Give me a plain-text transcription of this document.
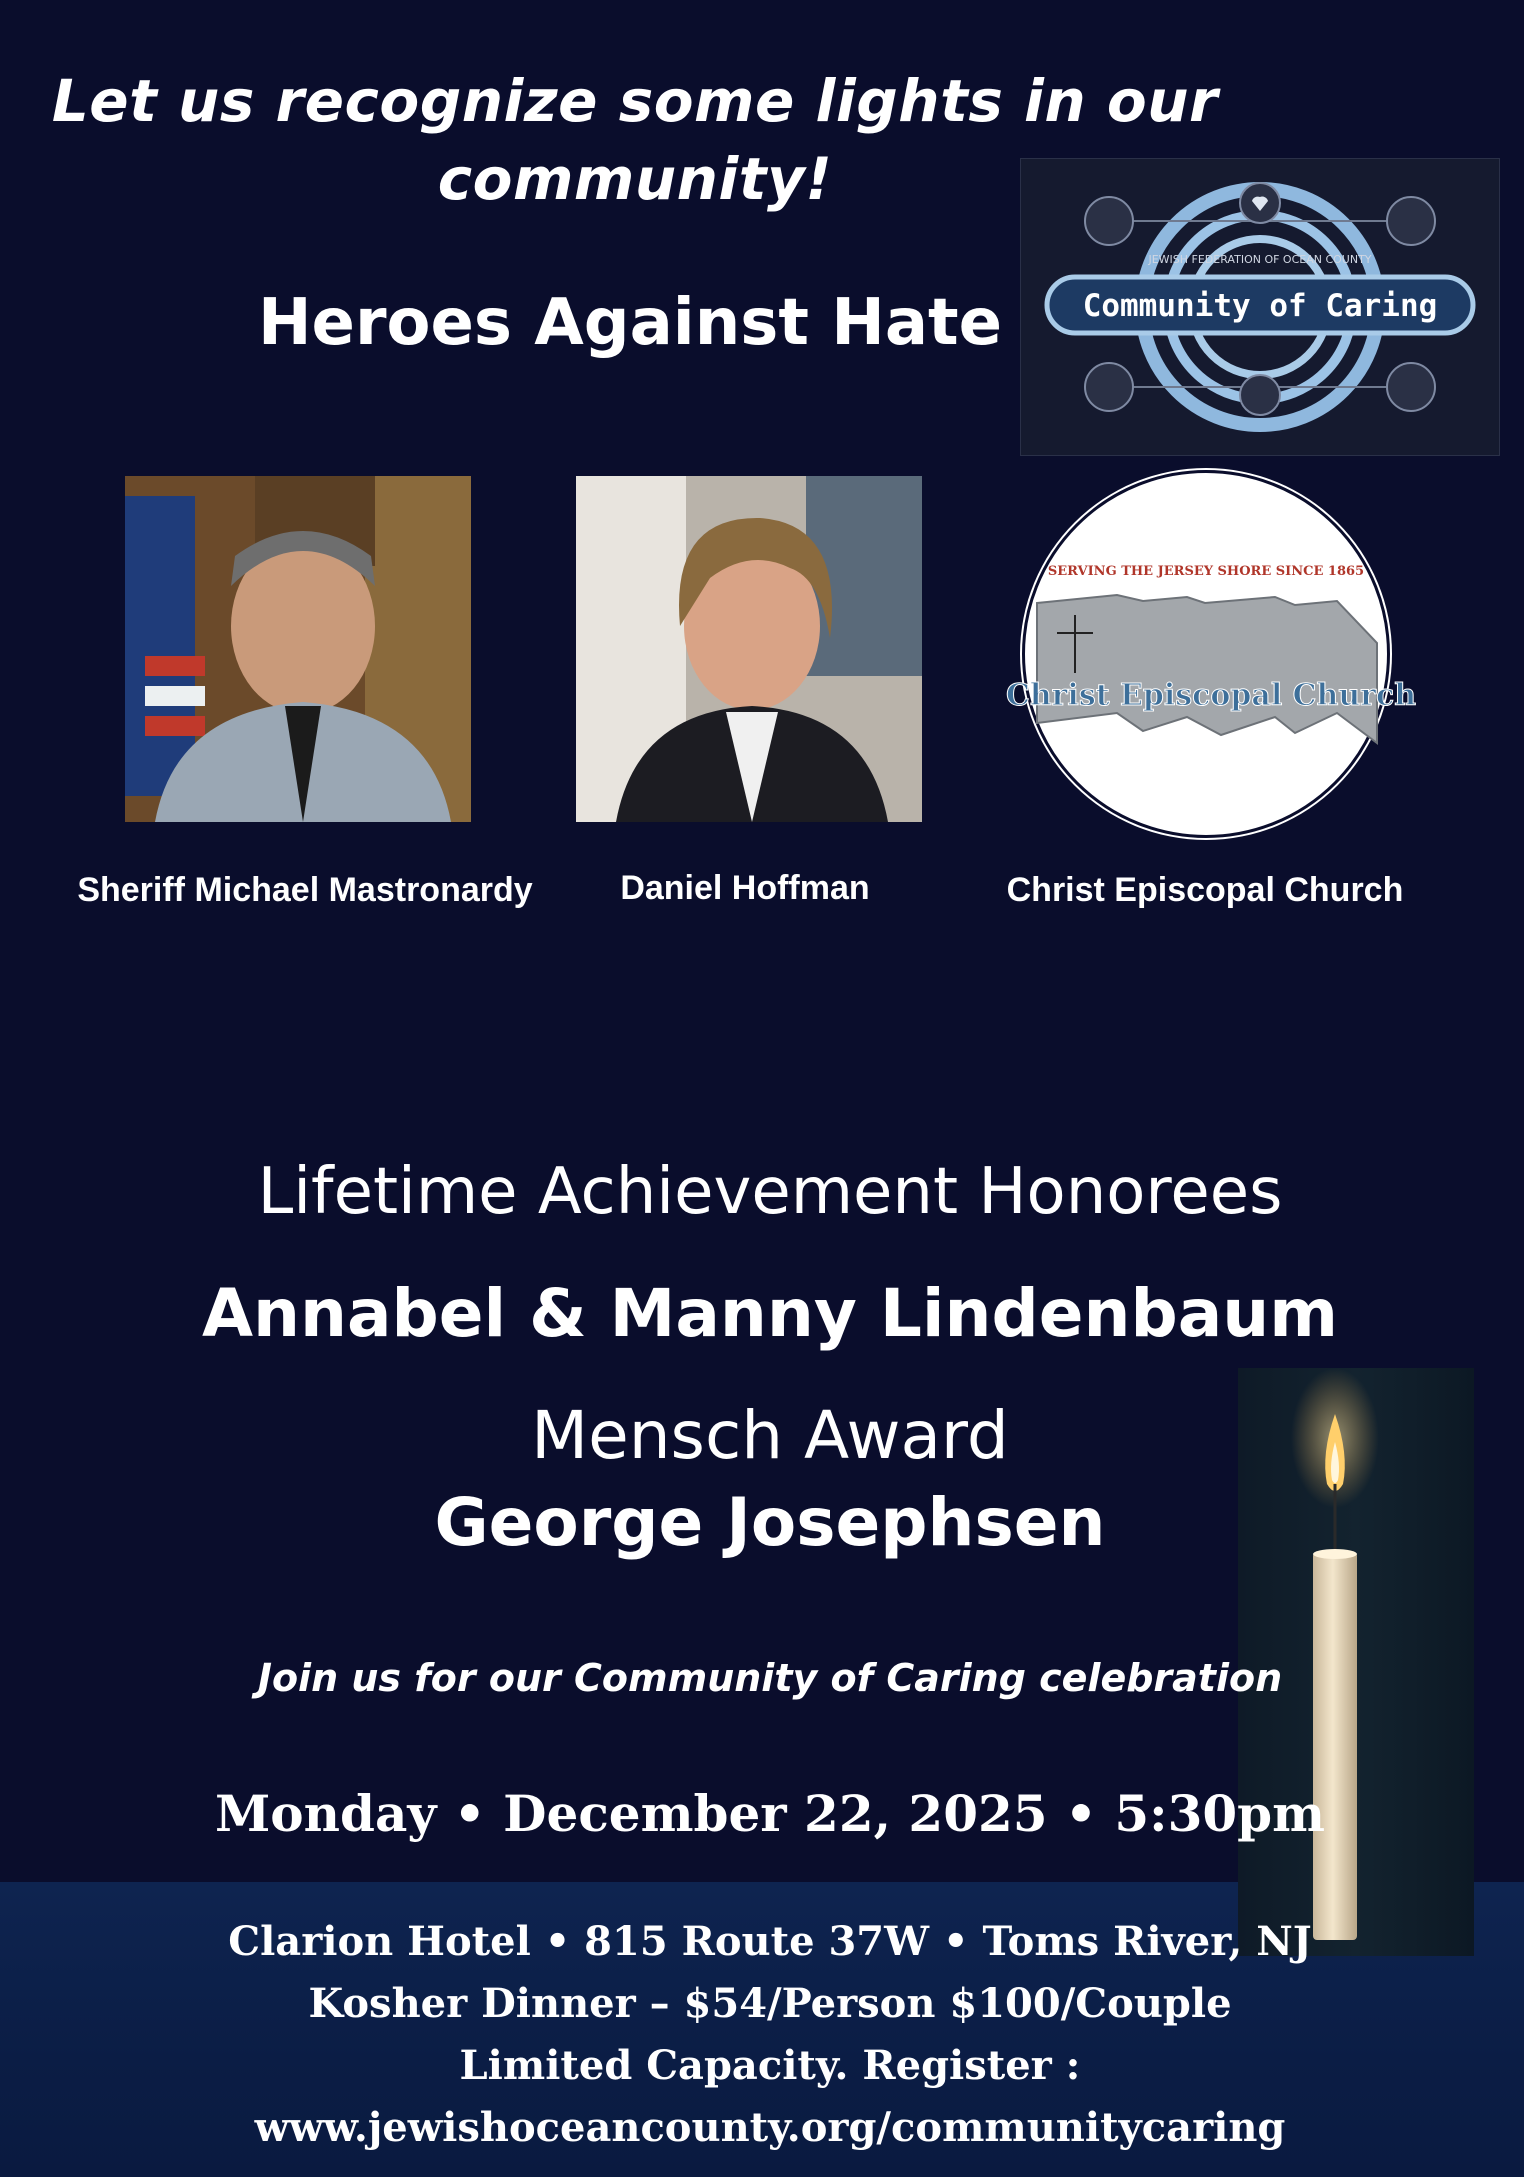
Let us recognize some lights in our community!
Heroes Against Hate
JEWISH FEDERATION OF OCEAN COUNTY
Community of Caring
SERVING THE JERSEY SHORE SINCE 1865
Christ Episcopal Church
Sheriff Michael Mastronardy	Daniel Hoffman	Christ Episcopal Church
Lifetime Achievement Honorees
Annabel & Manny Lindenbaum
Mensch Award
George Josephsen
Join us for our Community of Caring celebration
Monday • December 22, 2025 • 5:30pm
Clarion Hotel • 815 Route 37W • Toms River, NJ
Kosher Dinner – $54/Person $100/Couple
Limited Capacity. Register :
www.jewishoceancounty.org/communitycaring
